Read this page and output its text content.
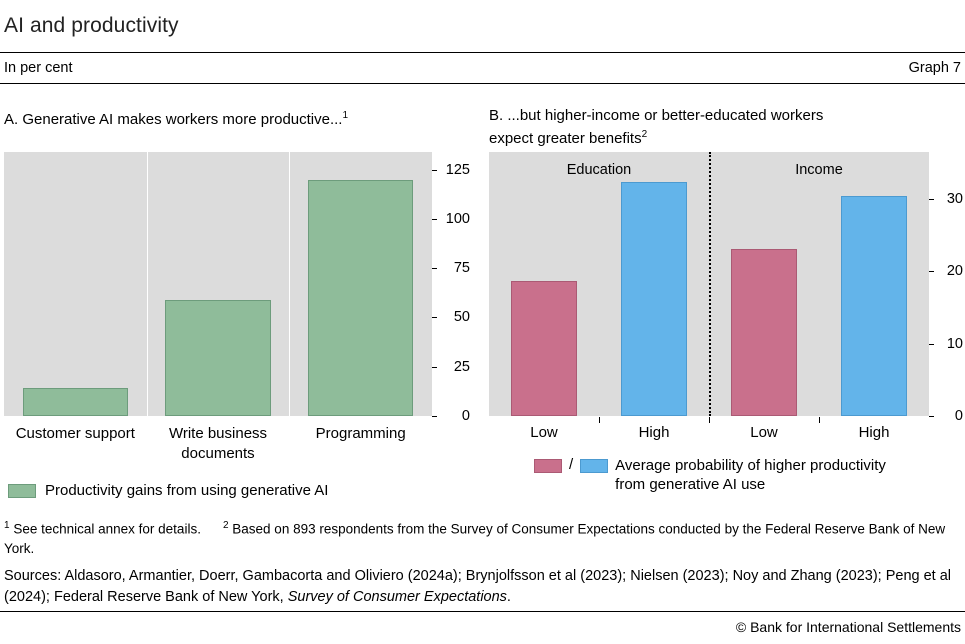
AI and productivity
In per cent	Graph 7
A. Generative AI makes workers more productive...$^1$	B. ...but higher-income or better-educated workers
expect greater benefits$^2$
0
25
50
75
100
125
Customer support	Write business documents
Programming
Productivity gains from using generative AI
Education	Income
0
10
20
30
Low	High	Low	High
/	Average probability of higher productivity
from generative AI use
$^1$ See technical annex for details. $^2$ Based on 893 respondents from the Survey of Consumer Expectations conducted by the Federal Reserve Bank of New York.
Sources: Aldasoro, Armantier, Doerr, Gambacorta and Oliviero (2024a); Brynjolfsson et al (2023); Nielsen (2023); Noy and Zhang (2023); Peng et al (2024); Federal Reserve Bank of New York, Survey of Consumer Expectations.
© Bank for International Settlements
